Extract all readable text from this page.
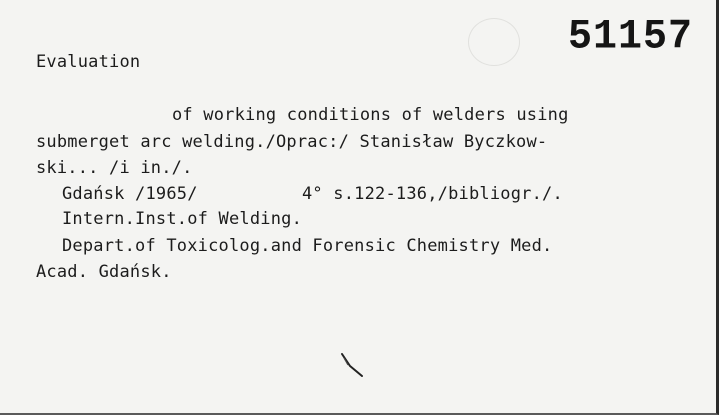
51157
Evaluation
of working conditions of welders using
submerget arc welding./Oprac:/ Stanisław Byczkow-
ski... /i in./.
Gdańsk /1965/          4° s.122-136,/bibliogr./.
Intern.Inst.of Welding.
Depart.of Toxicolog.and Forensic Chemistry Med.
Acad. Gdańsk.
